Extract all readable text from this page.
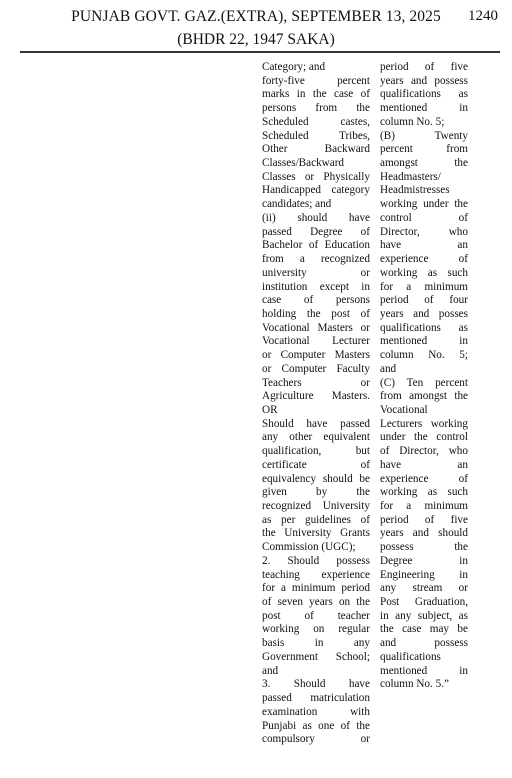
PUNJAB GOVT. GAZ.(EXTRA), SEPTEMBER 13, 2025	1240
(BHDR 22, 1947 SAKA)
Category; and
forty-five percent
marks in the case of
persons from the
Scheduled castes,
Scheduled Tribes,
Other Backward
Classes/Backward
Classes or Physically
Handicapped category
candidates; and
(ii) should have
passed Degree of
Bachelor of Education
from a recognized
university or
institution except in
case of persons
holding the post of
Vocational Masters or
Vocational Lecturer
or Computer Masters
or Computer Faculty
Teachers or
Agriculture Masters.
OR
Should have passed
any other equivalent
qualification, but
certificate of
equivalency should be
given by the
recognized University
as per guidelines of
the University Grants
Commission (UGC);
2. Should possess
teaching experience
for a minimum period
of seven years on the
post of teacher
working on regular
basis in any
Government School;
and
3. Should have
passed matriculation
examination with
Punjabi as one of the
compulsory or
period of five
years and possess
qualifications as
mentioned in
column No. 5;
(B) Twenty
percent from
amongst the
Headmasters/
Headmistresses
working under the
control of
Director, who
have an
experience of
working as such
for a minimum
period of four
years and posses
qualifications as
mentioned in
column No. 5;
and
(C) Ten percent
from amongst the
Vocational
Lecturers working
under the control
of Director, who
have an
experience of
working as such
for a minimum
period of five
years and should
possess the
Degree in
Engineering in
any stream or
Post Graduation,
in any subject, as
the case may be
and possess
qualifications
mentioned in
column No. 5.”
